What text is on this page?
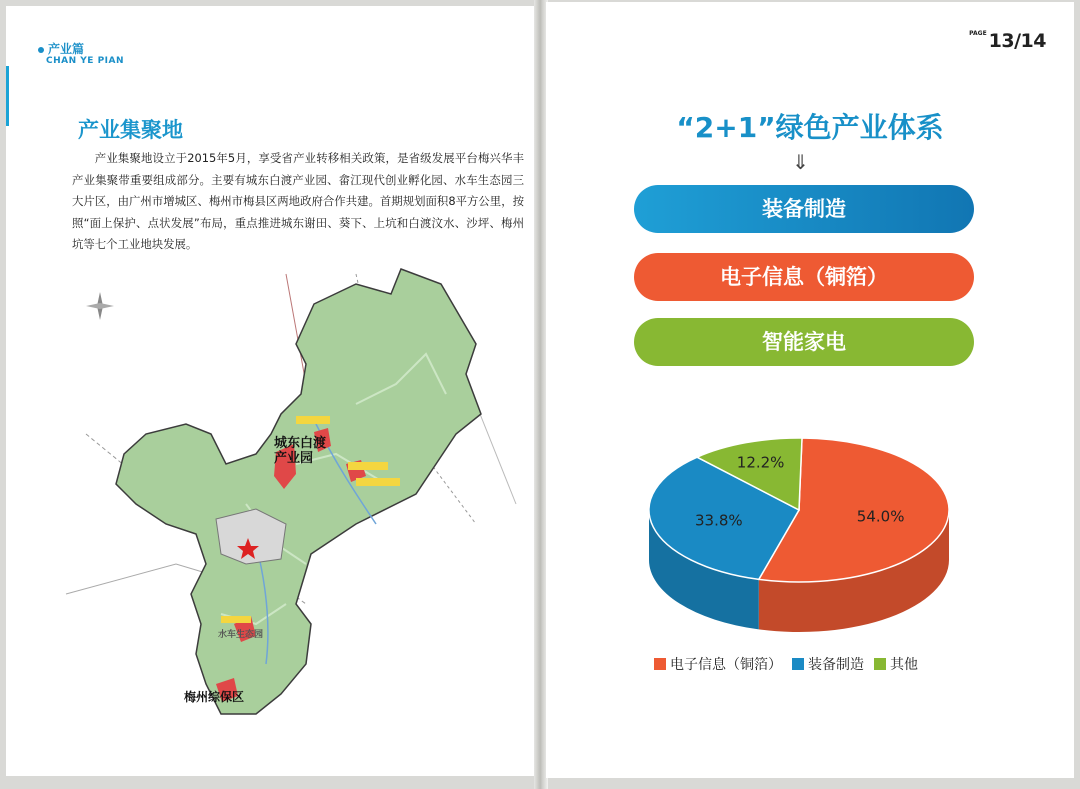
产业篇
CHAN YE PIAN
产业集聚地
产业集聚地设立于2015年5月，享受省产业转移相关政策，是省级发展平台梅兴华丰产业集聚带重要组成部分。主要有城东白渡产业园、畲江现代创业孵化园、水车生态园三大片区，由广州市增城区、梅州市梅县区两地政府合作共建。首期规划面积8平方公里，按照“面上保护、点状发展”布局，重点推进城东谢田、葵下、上坑和白渡汶水、沙坪、梅州坑等七个工业地块发展。
城东白渡
产业园
水车生态园
梅州综保区
$^{PAGE}$ 13/14
“2+1”绿色产业体系
⇓
装备制造
电子信息（铜箔）
智能家电
54.0%
33.8%
12.2%
电子信息（铜箔） 装备制造 其他
